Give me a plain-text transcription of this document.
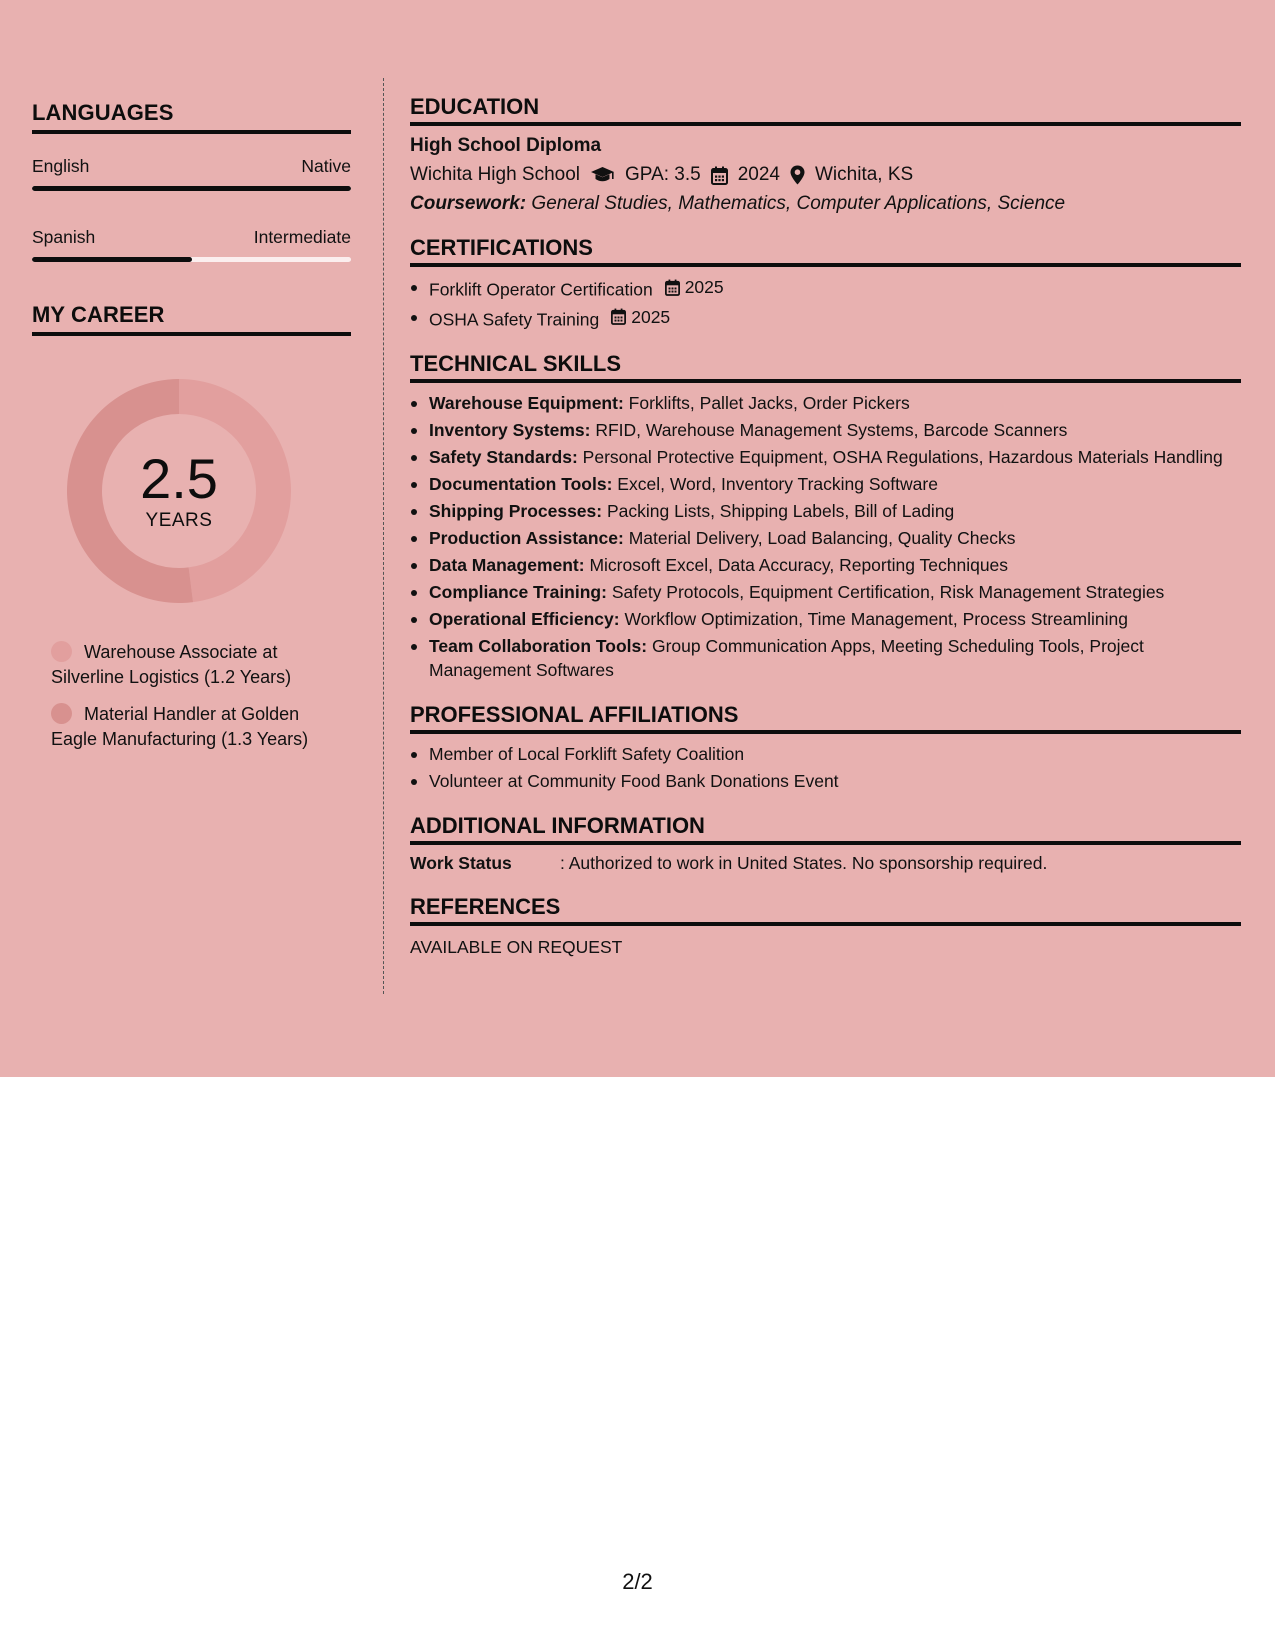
LANGUAGES
English	Native
Spanish	Intermediate
MY CAREER
2.5
YEARS
Warehouse Associate at Silverline Logistics (1.2 Years)
Material Handler at Golden Eagle Manufacturing (1.3 Years)
EDUCATION
High School Diploma
Wichita High School GPA: 3.5 2024 Wichita, KS
Coursework: General Studies, Mathematics, Computer Applications, Science
CERTIFICATIONS
Forklift Operator Certification 2025
OSHA Safety Training 2025
TECHNICAL SKILLS
Warehouse Equipment: Forklifts, Pallet Jacks, Order Pickers
Inventory Systems: RFID, Warehouse Management Systems, Barcode Scanners
Safety Standards: Personal Protective Equipment, OSHA Regulations, Hazardous Materials Handling
Documentation Tools: Excel, Word, Inventory Tracking Software
Shipping Processes: Packing Lists, Shipping Labels, Bill of Lading
Production Assistance: Material Delivery, Load Balancing, Quality Checks
Data Management: Microsoft Excel, Data Accuracy, Reporting Techniques
Compliance Training: Safety Protocols, Equipment Certification, Risk Management Strategies
Operational Efficiency: Workflow Optimization, Time Management, Process Streamlining
Team Collaboration Tools: Group Communication Apps, Meeting Scheduling Tools, Project Management Softwares
PROFESSIONAL AFFILIATIONS
Member of Local Forklift Safety Coalition
Volunteer at Community Food Bank Donations Event
ADDITIONAL INFORMATION
Work Status	: Authorized to work in United States. No sponsorship required.
REFERENCES
AVAILABLE ON REQUEST
2/2
